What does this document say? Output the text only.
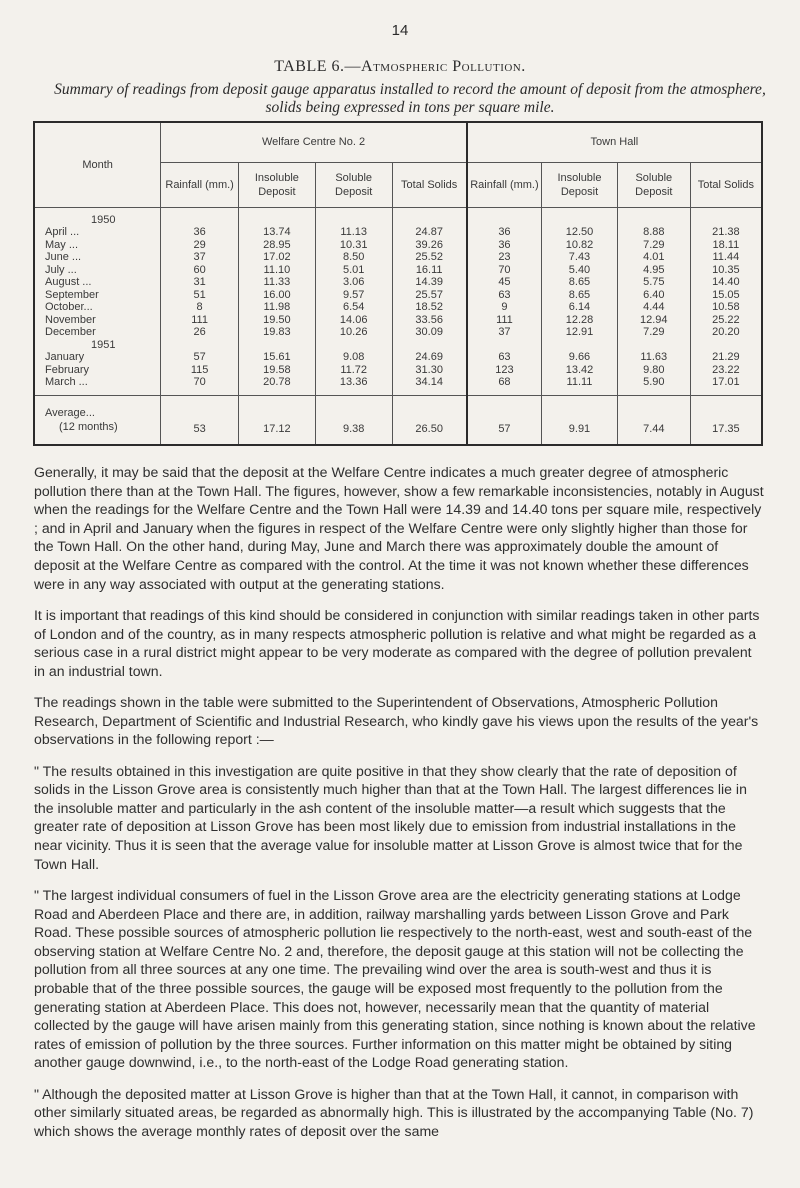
14
TABLE 6.—Atmospheric Pollution.
Summary of readings from deposit gauge apparatus installed to record the amount of deposit from the atmosphere, solids being expressed in tons per square mile.
Month	Welfare Centre No. 2				Town Hall			
	Rainfall (mm.)	Insoluble Deposit	Soluble Deposit	Total Solids	Rainfall (mm.)	Insoluble Deposit	Soluble Deposit	Total Solids

1950								
April ...	36	13.74	11.13	24.87	36	12.50	8.88	21.38
May ...	29	28.95	10.31	39.26	36	10.82	7.29	18.11
June ...	37	17.02	8.50	25.52	23	7.43	4.01	11.44
July ...	60	11.10	5.01	16.11	70	5.40	4.95	10.35
August ...	31	11.33	3.06	14.39	45	8.65	5.75	14.40
September	51	16.00	9.57	25.57	63	8.65	6.40	15.05
October...	8	11.98	6.54	18.52	9	6.14	4.44	10.58
November	111	19.50	14.06	33.56	111	12.28	12.94	25.22
December	26	19.83	10.26	30.09	37	12.91	7.29	20.20
1951								
January	57	15.61	9.08	24.69	63	9.66	11.63	21.29
February	115	19.58	11.72	31.30	123	13.42	9.80	23.22
March ...	70	20.78	13.36	34.14	68	11.11	5.90	17.01

Average...
(12 months)	53	17.12	9.38	26.50	57	9.91	7.44	17.35

Generally, it may be said that the deposit at the Welfare Centre indicates a much greater degree of atmospheric pollution there than at the Town Hall. The figures, however, show a few remarkable inconsistencies, notably in August when the readings for the Welfare Centre and the Town Hall were 14.39 and 14.40 tons per square mile, respectively ; and in April and January when the figures in respect of the Welfare Centre were only slightly higher than those for the Town Hall. On the other hand, during May, June and March there was approximately double the amount of deposit at the Welfare Centre as compared with the control. At the time it was not known whether these differences were in any way associated with output at the generating stations.

It is important that readings of this kind should be considered in conjunction with similar readings taken in other parts of London and of the country, as in many respects atmospheric pollution is relative and what might be regarded as a serious case in a rural district might appear to be very moderate as compared with the degree of pollution prevalent in an industrial town.

The readings shown in the table were submitted to the Superintendent of Observations, Atmospheric Pollution Research, Department of Scientific and Industrial Research, who kindly gave his views upon the results of the year's observations in the following report :—

" The results obtained in this investigation are quite positive in that they show clearly that the rate of deposition of solids in the Lisson Grove area is consistently much higher than that at the Town Hall. The largest differences lie in the insoluble matter and particularly in the ash content of the insoluble matter—a result which suggests that the greater rate of deposition at Lisson Grove has been most likely due to emission from industrial installations in the near vicinity. Thus it is seen that the average value for insoluble matter at Lisson Grove is almost twice that for the Town Hall.

" The largest individual consumers of fuel in the Lisson Grove area are the electricity generating stations at Lodge Road and Aberdeen Place and there are, in addition, railway marshalling yards between Lisson Grove and Park Road. These possible sources of atmospheric pollution lie respectively to the north-east, west and south-east of the observing station at Welfare Centre No. 2 and, therefore, the deposit gauge at this station will not be collecting the pollution from all three sources at any one time. The prevailing wind over the area is south-west and thus it is probable that of the three possible sources, the gauge will be exposed most frequently to the pollution from the generating station at Aberdeen Place. This does not, however, necessarily mean that the quantity of material collected by the gauge will have arisen mainly from this generating station, since nothing is known about the relative rates of emission of pollution by the three sources. Further information on this matter might be obtained by siting another gauge downwind, i.e., to the north-east of the Lodge Road generating station.

" Although the deposited matter at Lisson Grove is higher than that at the Town Hall, it cannot, in comparison with other similarly situated areas, be regarded as abnormally high. This is illustrated by the accompanying Table (No. 7) which shows the average monthly rates of deposit over the same
